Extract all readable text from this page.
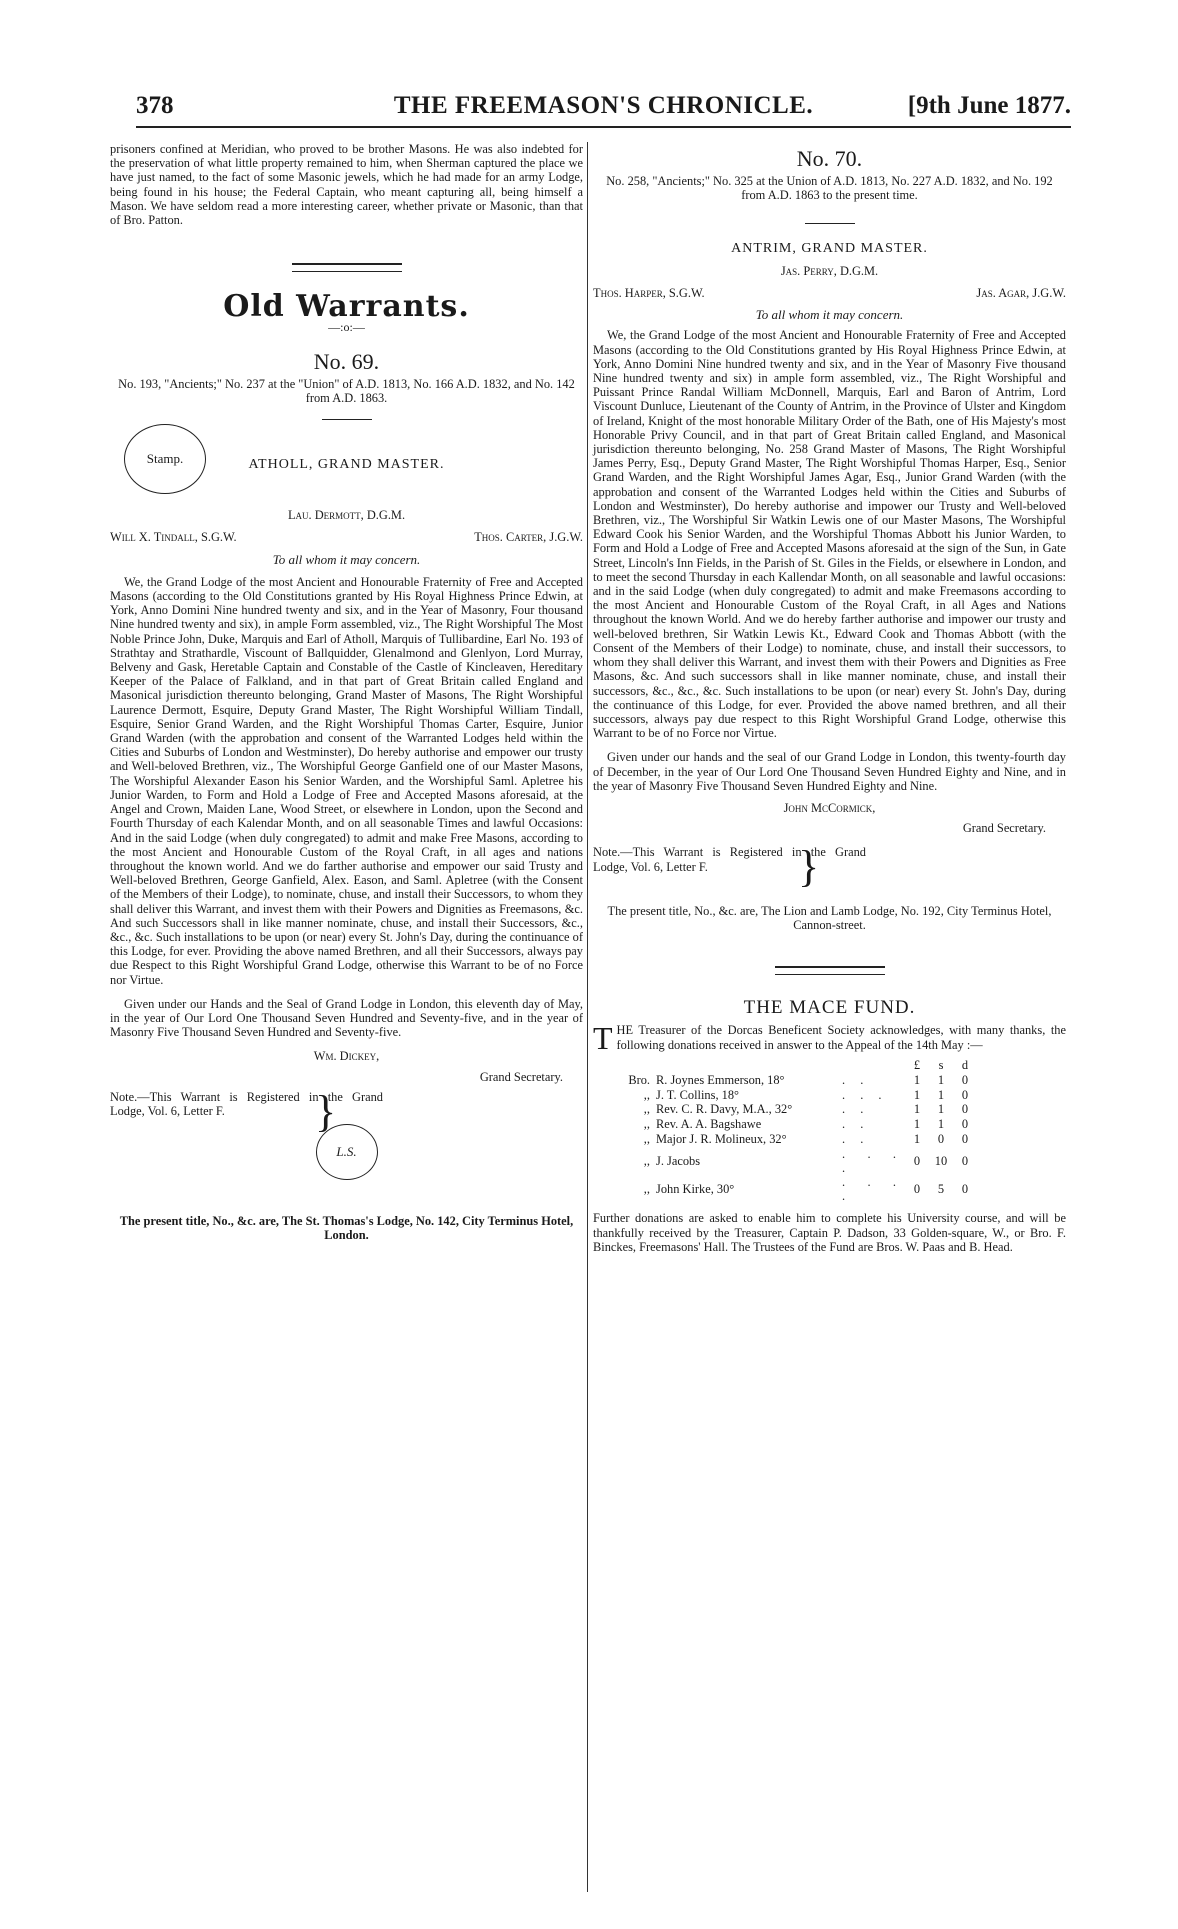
378	THE FREEMASON'S CHRONICLE.	[9th June 1877.

prisoners confined at Meridian, who proved to be brother Masons. He was also indebted for the preservation of what little property remained to him, when Sherman captured the place we have just named, to the fact of some Masonic jewels, which he had made for an army Lodge, being found in his house; the Federal Captain, who meant capturing all, being himself a Mason. We have seldom read a more interesting career, whether private or Masonic, than that of Bro. Patton.

Old Warrants.
—:o:—
No. 69.

No. 193, "Ancients;" No. 237 at the "Union" of A.D. 1813, No. 166 A.D. 1832, and No. 142 from A.D. 1863.

Stamp.	ATHOLL, GRAND MASTER.
Lau. Dermott, D.G.M.
Will X. Tindall, S.G.W.	Thos. Carter, J.G.W.
To all whom it may concern.

We, the Grand Lodge of the most Ancient and Honourable Fraternity of Free and Accepted Masons (according to the Old Constitutions granted by His Royal Highness Prince Edwin, at York, Anno Domini Nine hundred twenty and six, and in the Year of Masonry, Four thousand Nine hundred twenty and six), in ample Form assembled, viz., The Right Worshipful The Most Noble Prince John, Duke, Marquis and Earl of Atholl, Marquis of Tullibardine, Earl No. 193 of Strathtay and Strathardle, Viscount of Ballquidder, Glenalmond and Glenlyon, Lord Murray, Belveny and Gask, Heretable Captain and Constable of the Castle of Kincleaven, Hereditary Keeper of the Palace of Falkland, and in that part of Great Britain called England and Masonical jurisdiction thereunto belonging, Grand Master of Masons, The Right Worshipful Laurence Dermott, Esquire, Deputy Grand Master, The Right Worshipful William Tindall, Esquire, Senior Grand Warden, and the Right Worshipful Thomas Carter, Esquire, Junior Grand Warden (with the approbation and consent of the Warranted Lodges held within the Cities and Suburbs of London and Westminster), Do hereby authorise and empower our trusty and Well-beloved Brethren, viz., The Worshipful George Ganfield one of our Master Masons, The Worshipful Alexander Eason his Senior Warden, and the Worshipful Saml. Apletree his Junior Warden, to Form and Hold a Lodge of Free and Accepted Masons aforesaid, at the Angel and Crown, Maiden Lane, Wood Street, or elsewhere in London, upon the Second and Fourth Thursday of each Kalendar Month, and on all seasonable Times and lawful Occasions: And in the said Lodge (when duly congregated) to admit and make Free Masons, according to the most Ancient and Honourable Custom of the Royal Craft, in all ages and nations throughout the known world. And we do farther authorise and empower our said Trusty and Well-beloved Brethren, George Ganfield, Alex. Eason, and Saml. Apletree (with the Consent of the Members of their Lodge), to nominate, chuse, and install their Successors, to whom they shall deliver this Warrant, and invest them with their Powers and Dignities as Freemasons, &c. And such Successors shall in like manner nominate, chuse, and install their Successors, &c., &c., &c. Such installations to be upon (or near) every St. John's Day, during the continuance of this Lodge, for ever. Providing the above named Brethren, and all their Successors, always pay due Respect to this Right Worshipful Grand Lodge, otherwise this Warrant to be of no Force nor Virtue.

Given under our Hands and the Seal of Grand Lodge in London, this eleventh day of May, in the year of Our Lord One Thousand Seven Hundred and Seventy-five, and in the year of Masonry Five Thousand Seven Hundred and Seventy-five.

Wm. Dickey,
Grand Secretary.
Note.—This Warrant is Registered in the Grand Lodge, Vol. 6, Letter F. }
L.S.

The present title, No., &c. are, The St. Thomas's Lodge, No. 142, City Terminus Hotel, London.

No. 70.

No. 258, "Ancients;" No. 325 at the Union of A.D. 1813, No. 227 A.D. 1832, and No. 192 from A.D. 1863 to the present time.

ANTRIM, GRAND MASTER.
Jas. Perry, D.G.M.
Thos. Harper, S.G.W.	Jas. Agar, J.G.W.
To all whom it may concern.

We, the Grand Lodge of the most Ancient and Honourable Fraternity of Free and Accepted Masons (according to the Old Constitutions granted by His Royal Highness Prince Edwin, at York, Anno Domini Nine hundred twenty and six, and in the Year of Masonry Five thousand Nine hundred twenty and six) in ample form assembled, viz., The Right Worshipful and Puissant Prince Randal William McDonnell, Marquis, Earl and Baron of Antrim, Lord Viscount Dunluce, Lieutenant of the County of Antrim, in the Province of Ulster and Kingdom of Ireland, Knight of the most honorable Military Order of the Bath, one of His Majesty's most Honorable Privy Council, and in that part of Great Britain called England, and Masonical jurisdiction thereunto belonging, No. 258 Grand Master of Masons, The Right Worshipful James Perry, Esq., Deputy Grand Master, The Right Worshipful Thomas Harper, Esq., Senior Grand Warden, and the Right Worshipful James Agar, Esq., Junior Grand Warden (with the approbation and consent of the Warranted Lodges held within the Cities and Suburbs of London and Westminster), Do hereby authorise and impower our Trusty and Well-beloved Brethren, viz., The Worshipful Sir Watkin Lewis one of our Master Masons, The Worshipful Edward Cook his Senior Warden, and the Worshipful Thomas Abbott his Junior Warden, to Form and Hold a Lodge of Free and Accepted Masons aforesaid at the sign of the Sun, in Gate Street, Lincoln's Inn Fields, in the Parish of St. Giles in the Fields, or elsewhere in London, and to meet the second Thursday in each Kallendar Month, on all seasonable and lawful occasions: and in the said Lodge (when duly congregated) to admit and make Freemasons according to the most Ancient and Honourable Custom of the Royal Craft, in all Ages and Nations throughout the known World. And we do hereby farther authorise and impower our trusty and well-beloved brethren, Sir Watkin Lewis Kt., Edward Cook and Thomas Abbott (with the Consent of the Members of their Lodge) to nominate, chuse, and install their successors, to whom they shall deliver this Warrant, and invest them with their Powers and Dignities as Free Masons, &c. And such successors shall in like manner nominate, chuse, and install their successors, &c., &c., &c. Such installations to be upon (or near) every St. John's Day, during the continuance of this Lodge, for ever. Provided the above named brethren, and all their successors, always pay due respect to this Right Worshipful Grand Lodge, otherwise this Warrant to be of no Force nor Virtue.

Given under our hands and the seal of our Grand Lodge in London, this twenty-fourth day of December, in the year of Our Lord One Thousand Seven Hundred Eighty and Nine, and in the year of Masonry Five Thousand Seven Hundred Eighty and Nine.

John McCormick,
Grand Secretary.
Note.—This Warrant is Registered in the Grand Lodge, Vol. 6, Letter F. }

The present title, No., &c. are, The Lion and Lamb Lodge, No. 192, City Terminus Hotel, Cannon-street.

THE MACE FUND.

T HE Treasurer of the Dorcas Beneficent Society acknowledges, with many thanks, the following donations received in answer to the Appeal of the 14th May :—

			£	s	d
Bro.	R. Joynes Emmerson, 18°	. .	1	1	0
,,	J. T. Collins, 18°	. . .	1	1	0
,,	Rev. C. R. Davy, M.A., 32°	. .	1	1	0
,,	Rev. A. A. Bagshawe	. .	1	1	0
,,	Major J. R. Molineux, 32°	. .	1	0	0
,,	J. Jacobs	. . . .	0	10	0
,,	John Kirke, 30°	. . . .	0	5	0

Further donations are asked to enable him to complete his University course, and will be thankfully received by the Treasurer, Captain P. Dadson, 33 Golden-square, W., or Bro. F. Binckes, Freemasons' Hall. The Trustees of the Fund are Bros. W. Paas and B. Head.
